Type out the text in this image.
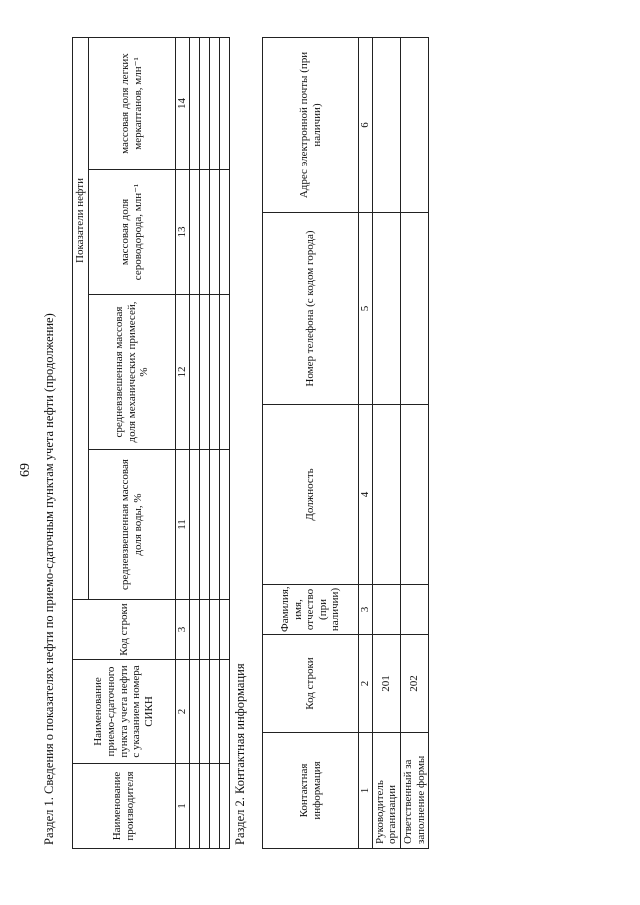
69 Раздел 1. Сведения о показателях нефти по приемо-сдаточным пунктам учета нефти (продолжение)	Наименование производителя	Наименование приемо-сдаточного пункта учета нефти с указанием номера СИКН	Код строки	Показатели нефти			
			средневзвешенная массовая доля воды, %	средневзвешенная массовая доля механических примесей, %	массовая доля сероводорода, млн⁻¹	массовая доля легких меркаптанов, млн⁻¹
1	2	3	11	12	13	14

Раздел 2. Контактная информация	Контактная информация	Код строки	Фамилия, имя, отчество (при наличии)	Должность	Номер телефона (с кодом города)	Адрес электронной почты (при наличии)
1	2	3	4	5	6
Руководитель организации	201				
Ответственный за заполнение формы	202				
